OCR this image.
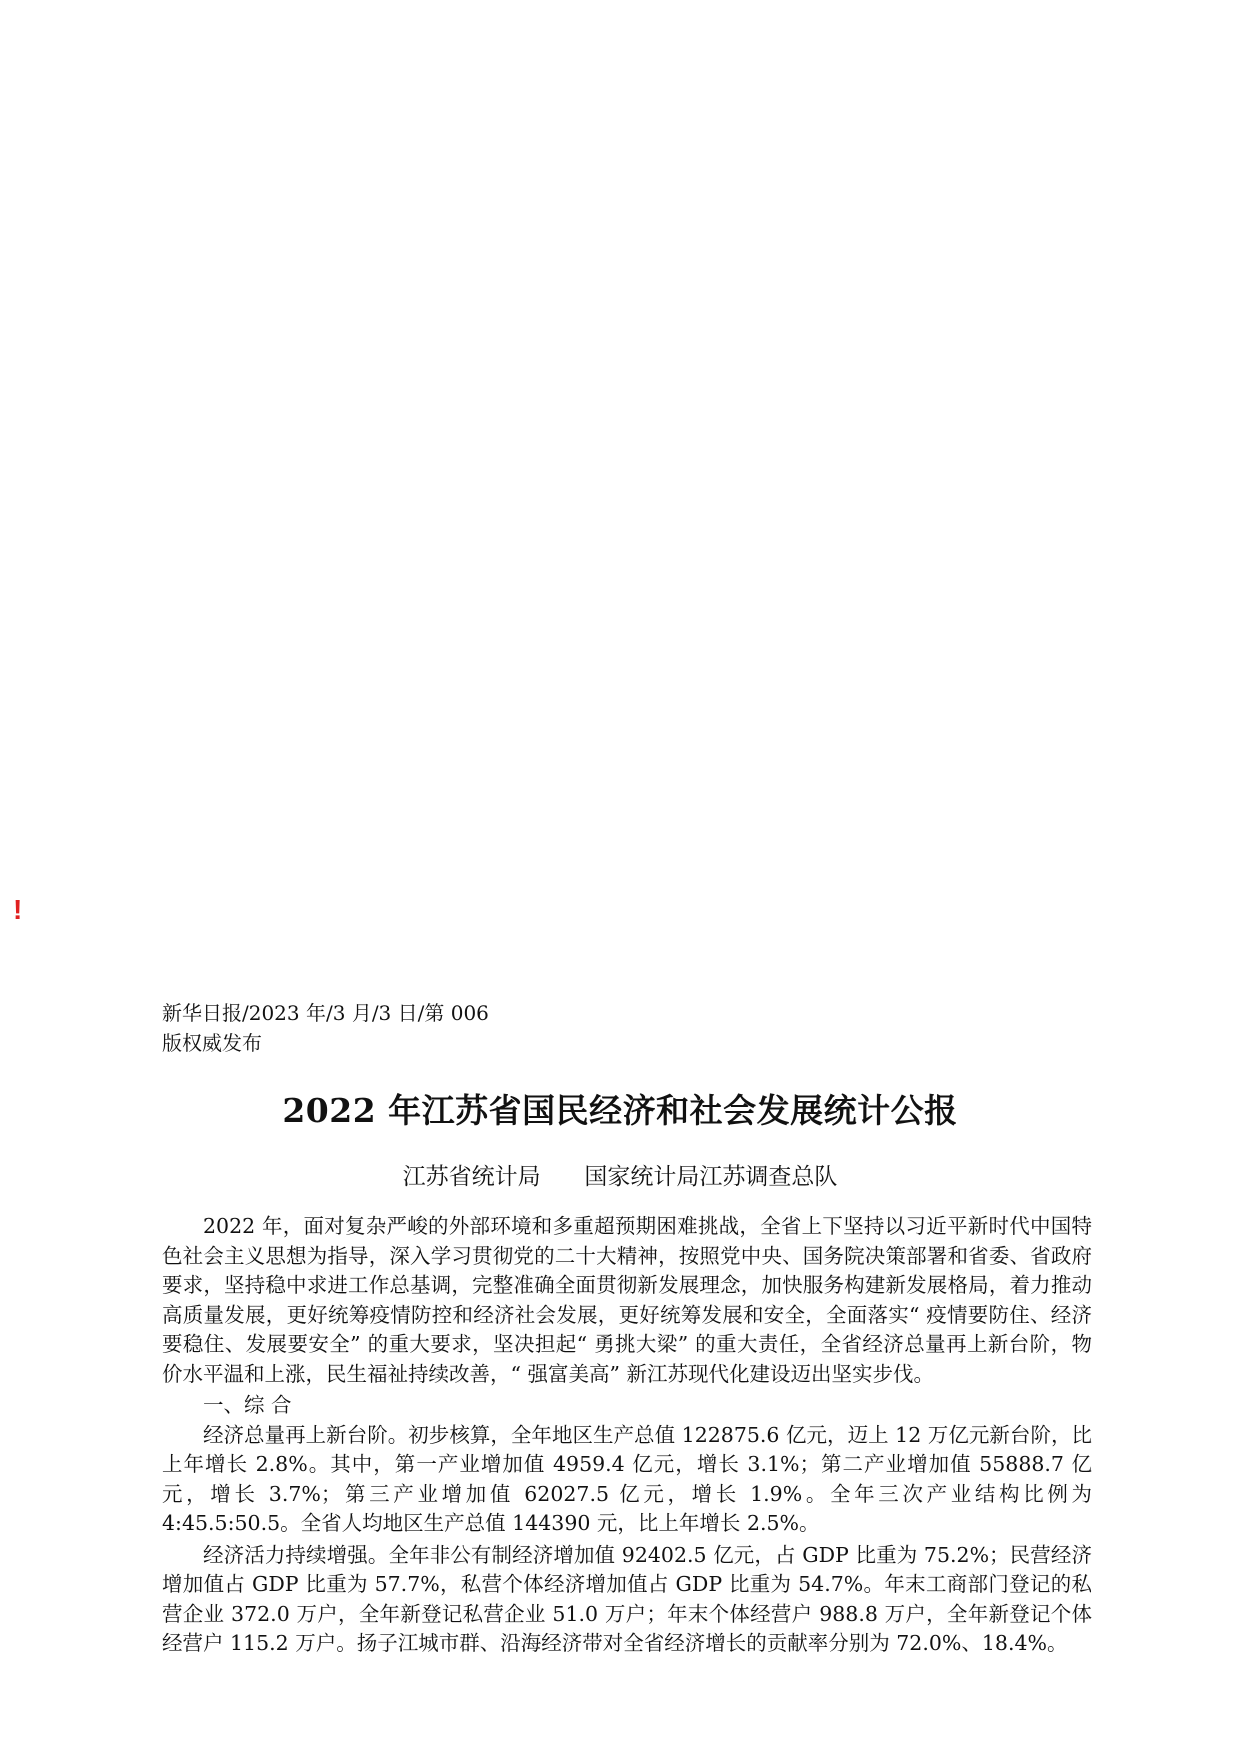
!
新华日报/2023 年/3 月/3 日/第 006
版权威发布
2022 年江苏省国民经济和社会发展统计公报
江苏省统计局      国家统计局江苏调查总队

2022 年，面对复杂严峻的外部环境和多重超预期困难挑战，全省上下坚持以习近平新时代中国特色社会主义思想为指导，深入学习贯彻党的二十大精神，按照党中央、国务院决策部署和省委、省政府要求，坚持稳中求进工作总基调，完整准确全面贯彻新发展理念，加快服务构建新发展格局，着力推动高质量发展，更好统筹疫情防控和经济社会发展，更好统筹发展和安全，全面落实“ 疫情要防住、经济要稳住、发展要安全” 的重大要求，坚决担起“ 勇挑大梁” 的重大责任，全省经济总量再上新台阶，物价水平温和上涨，民生福祉持续改善，“ 强富美高” 新江苏现代化建设迈出坚实步伐。

一、综 合

经济总量再上新台阶。初步核算，全年地区生产总值 122875.6 亿元，迈上 12 万亿元新台阶，比上年增长 2.8%。其中，第一产业增加值 4959.4 亿元，增长 3.1%；第二产业增加值 55888.7 亿元，增长 3.7%；第三产业增加值 62027.5 亿元，增长 1.9%。全年三次产业结构比例为 4:45.5:50.5。全省人均地区生产总值 144390 元，比上年增长 2.5%。

经济活力持续增强。全年非公有制经济增加值 92402.5 亿元，占 GDP 比重为 75.2%；民营经济增加值占 GDP 比重为 57.7%，私营个体经济增加值占 GDP 比重为 54.7%。年末工商部门登记的私营企业 372.0 万户，全年新登记私营企业 51.0 万户；年末个体经营户 988.8 万户，全年新登记个体经营户 115.2 万户。扬子江城市群、沿海经济带对全省经济增长的贡献率分别为 72.0%、18.4%。
